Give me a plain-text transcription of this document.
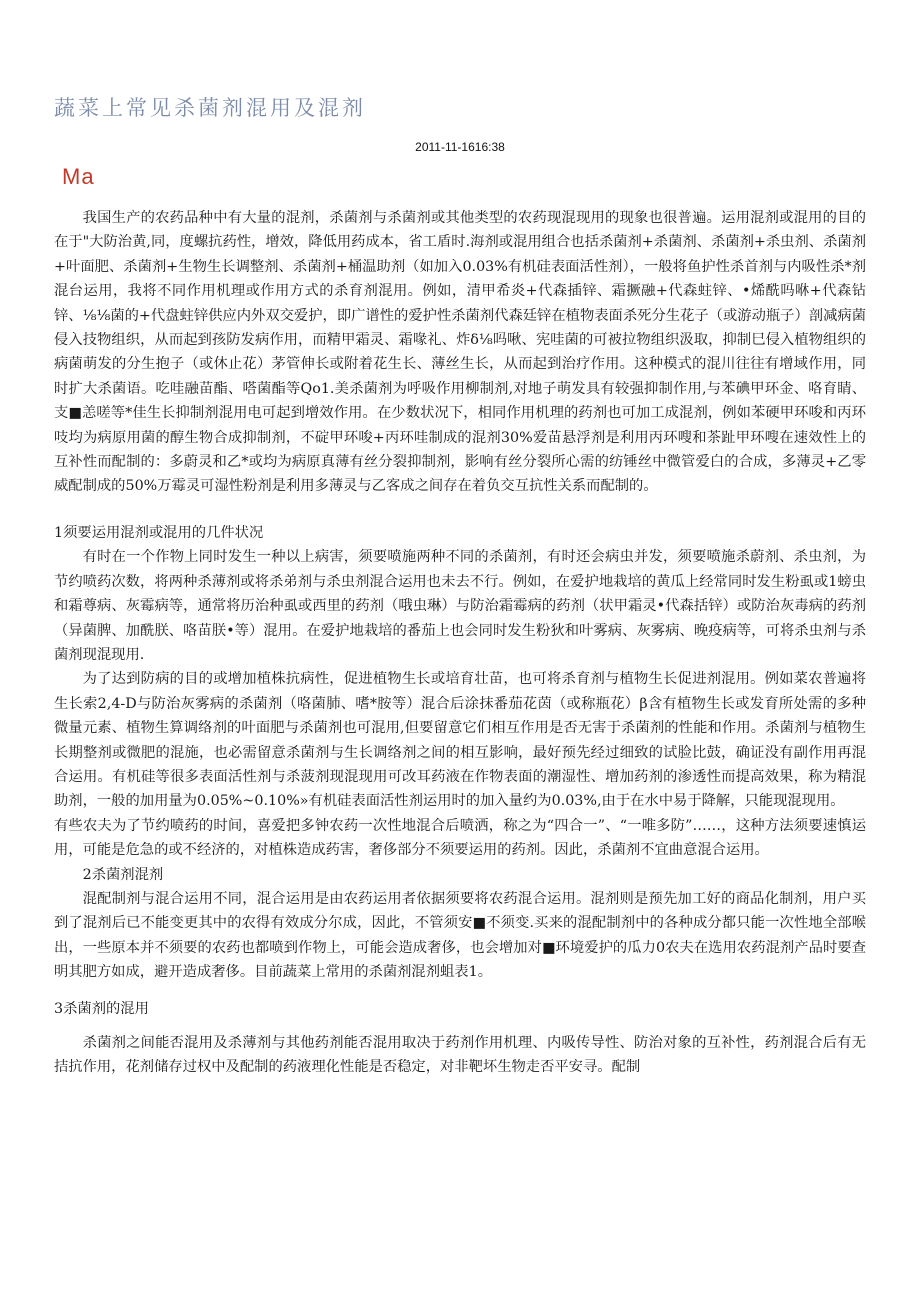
蔬菜上常见杀菌剂混用及混剂
2011-11-1616:38
Ma

我国生产的农药品种中有大量的混剂，杀菌剂与杀菌剂或其他类型的农药现混现用的现象也很普遍。运用混剂或混用的目的在于"大防治黄,同，度螺抗药性，增效，降低用药成本，省工盾时.海剂或混用组合也括杀菌剂+杀菌剂、杀菌剂+杀虫剂、杀菌剂+叶面肥、杀菌剂+生物生长调整剂、杀菌剂+桶温助剂（如加入0.03%有机硅表面活性剂），一般将鱼护性杀首剂与内吸性杀*剂混台运用，我将不同作用机理或作用方式的杀育剂混用。例如，清甲希炎+代森插锌、霜撅融+代森蛀锌、•烯酰吗咻+代森钻锌、⅛⅛菌的+代盘蛀锌供应内外双交爱护，即广谱性的爱护性杀菌剂代森廷锌在植物表面杀死分生花子（或游动瓶子）剖减病菌侵入技物组织，从而起到孩防发病作用，而精甲霜灵、霜喙礼、炸δ⅛吗啾、宪哇菌的可被拉物组织汲取，抑制巳侵入植物组织的病菌萌发的分生抱子（或休止花）茅管伸长或附着花生长、薄丝生长，从而起到治疗作用。这种模式的混川往往有增域作用，同时扩大杀菌语。吃哇融苗酯、嗒菌酯等Qo1.美杀菌剂为呼吸作用柳制剂,对地子萌发具有较强抑制作用,与苯碘甲环金、咯育睛、支■恙嗟等*佳生长抑制剂混用电可起到增效作用。在少数状况下，相同作用机理的药剂也可加工成混剂，例如苯硬甲环唆和丙环吱均为病原用菌的醇生物合成抑制剂，不碇甲环唆+丙环哇制成的混剂30%爱苗悬浮剂是利用丙环嗖和茶趾甲环嗖在速效性上的互补性而配制的：多蔚灵和乙*或均为病原真薄有丝分裂抑制剂，影响有丝分裂所心需的纺锤丝中微管爱白的合成，多薄灵+乙零威配制成的50%万霉灵可湿性粉剂是利用多薄灵与乙客成之间存在着负交互抗性关系而配制的。

1须要运用混剂或混用的几件状况

有时在一个作物上同时发生一种以上病害，须要喷施两种不同的杀菌剂，有时还会病虫并发，须要喷施杀蔚剂、杀虫剂，为节约喷药次数，将两种杀薄剂或将杀弟剂与杀虫剂混合运用也未去不行。例如，在爱护地栽培的黄瓜上经常同时发生粉虱或1螃虫和霜尊病、灰霉病等，通常将历治种虱或西里的药剂（哦虫琳）与防治霜霉病的药剂（状甲霜灵•代森括锌）或防治灰毒病的药剂（异菌脾、加酰朕、咯苗朕•等）混用。在爱护地栽培的番茄上也会同时发生粉狄和叶雾病、灰雾病、晚疫病等，可将杀虫剂与杀菌剂现混现用.

为了达到防病的目的或增加植株抗病性，促进植物生长或培育壮苗，也可将杀育剂与植物生长促进剂混用。例如菜农普遍将生长索2,4-D与防治灰雾病的杀菌剂（咯菌肺、嗜*胺等）混合后涂抹番茄花茵（或称瓶花）β含有植物生长或发育所处需的多种微量元素、植物生算调络剂的叶面肥与杀菌剂也可混用,但要留意它们相互作用是否无害于杀菌剂的性能和作用。杀菌剂与植物生长期整剂或微肥的混施，也必需留意杀菌剂与生长调络剂之间的相互影响，最好预先经过细致的试脸比鼓，确证没有副作用再混合运用。有机硅等很多表面活性剂与杀菠剂现混现用可改耳药液在作物表面的潮湿性、增加药剂的渗透性而提高效果，称为精混助剂，一般的加用量为0.05%~0.10%»有机硅表面活性剂运用时的加入量约为0.03%,由于在水中易于降解，只能现混现用。

有些农夫为了节约喷药的时间，喜爱把多钟农药一次性地混合后喷洒，称之为“四合一”、“一唯多防”……，这种方法须要速慎运用，可能是危急的或不经济的，对植株造成药害，奢侈部分不须要运用的药剂。因此，杀菌剂不宜曲意混合运用。

2杀菌剂混剂

混配制剂与混合运用不同，混合运用是由农药运用者依据须要将农药混合运用。混剂则是预先加工好的商品化制剂，用户买到了混剂后已不能变更其中的农得有效成分尔成，因此，不管须安■不须变.买来的混配制剂中的各种成分都只能一次性地全部喉出，一些原本并不须要的农药也都喷到作物上，可能会造成奢侈，也会增加对■环境爱护的瓜力0农夫在选用农药混剂产品时要查明其肥方如成，避开造成奢侈。目前蔬菜上常用的杀菌剂混剂蛆表1。

3杀菌剂的混用

杀菌剂之间能否混用及杀薄剂与其他药剂能否混用取决于药剂作用机理、内吸传导性、防治对象的互补性，药剂混合后有无拮抗作用，花剂储存过权中及配制的药液理化性能是否稳定，对非靶坏生物走否平安寻。配制
